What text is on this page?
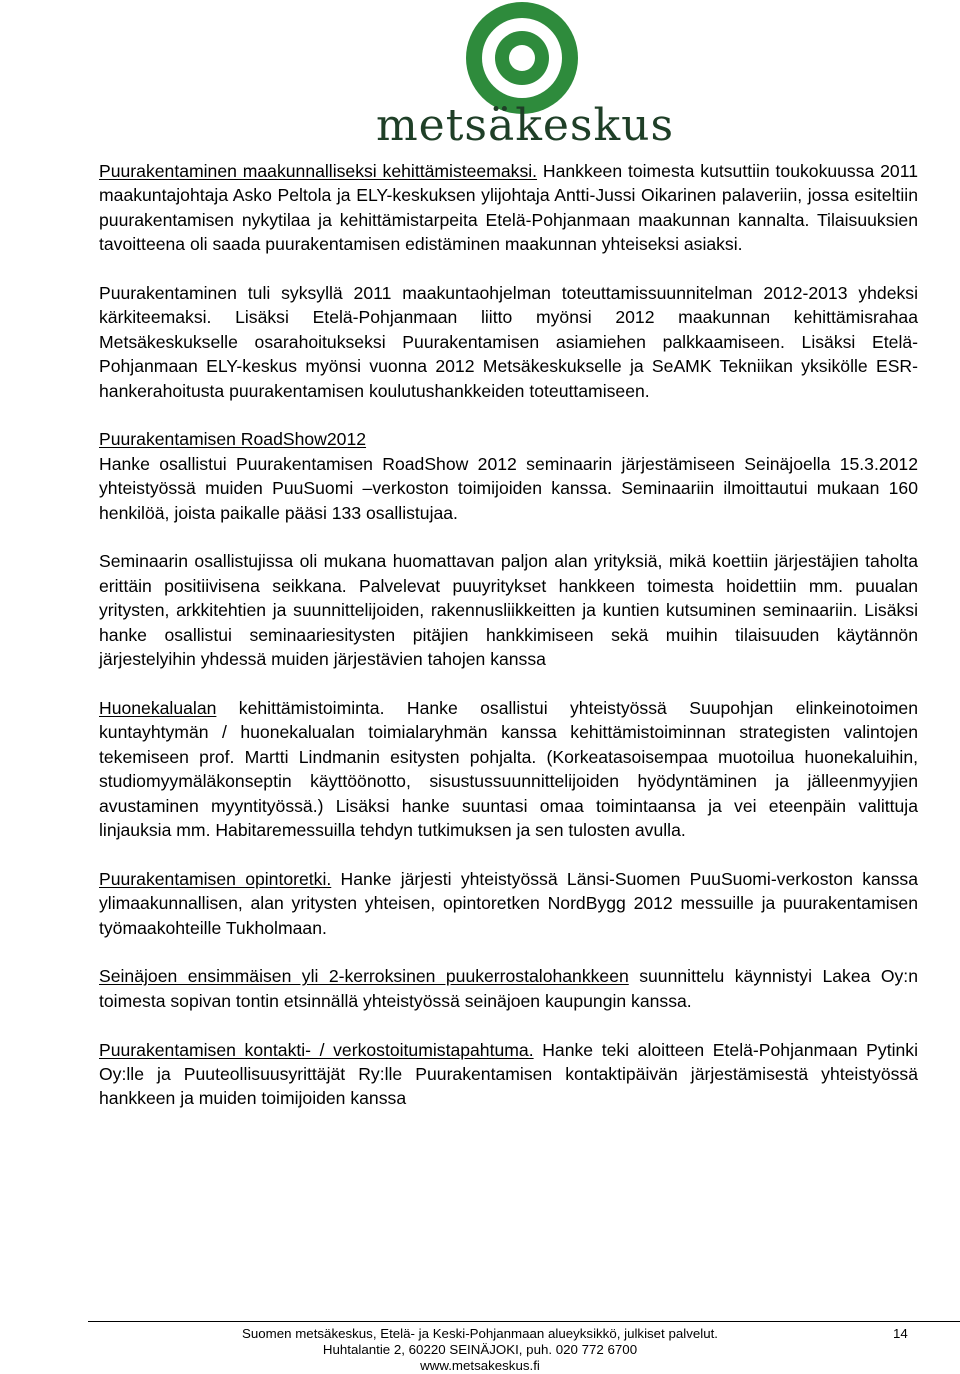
metsäkeskus

Puurakentaminen maakunnalliseksi kehittämisteemaksi. Hankkeen toimesta kutsuttiin toukokuussa 2011 maakuntajohtaja Asko Peltola ja ELY-keskuksen ylijohtaja Antti-Jussi Oikarinen palaveriin, jossa esiteltiin puurakentamisen nykytilaa ja kehittämistarpeita Etelä-Pohjanmaan maakunnan kannalta. Tilaisuuksien tavoitteena oli saada puurakentamisen edistäminen maakunnan yhteiseksi asiaksi.

Puurakentaminen tuli syksyllä 2011 maakuntaohjelman toteuttamissuunnitelman 2012-2013 yhdeksi kärkiteemaksi. Lisäksi Etelä-Pohjanmaan liitto myönsi 2012 maakunnan kehittämisrahaa Metsäkeskukselle osarahoitukseksi Puurakentamisen asiamiehen palkkaamiseen. Lisäksi Etelä-Pohjanmaan ELY-keskus myönsi vuonna 2012 Metsäkeskukselle ja SeAMK Tekniikan yksikölle ESR-hankerahoitusta puurakentamisen koulutushankkeiden toteuttamiseen.

Puurakentamisen RoadShow2012
Hanke osallistui Puurakentamisen RoadShow 2012 seminaarin järjestämiseen Seinäjoella 15.3.2012 yhteistyössä muiden PuuSuomi –verkoston toimijoiden kanssa. Seminaariin ilmoittautui mukaan 160 henkilöä, joista paikalle pääsi 133 osallistujaa.

Seminaarin osallistujissa oli mukana huomattavan paljon alan yrityksiä, mikä koettiin järjestäjien taholta erittäin positiivisena seikkana. Palvelevat puuyritykset hankkeen toimesta hoidettiin mm. puualan yritysten, arkkitehtien ja suunnittelijoiden, rakennusliikkeitten ja kuntien kutsuminen seminaariin. Lisäksi hanke osallistui seminaariesitysten pitäjien hankkimiseen sekä muihin tilaisuuden käytännön järjestelyihin yhdessä muiden järjestävien tahojen kanssa

Huonekalualan kehittämistoiminta. Hanke osallistui yhteistyössä Suupohjan elinkeinotoimen kuntayhtymän / huonekalualan toimialaryhmän kanssa kehittämistoiminnan strategisten valintojen tekemiseen prof. Martti Lindmanin esitysten pohjalta. (Korkeatasoisempaa muotoilua huonekaluihin, studiomyymäläkonseptin käyttöönotto, sisustussuunnittelijoiden hyödyntäminen ja jälleenmyyjien avustaminen myyntityössä.) Lisäksi hanke suuntasi omaa toimintaansa ja vei eteenpäin valittuja linjauksia mm. Habitaremessuilla tehdyn tutkimuksen ja sen tulosten avulla.

Puurakentamisen opintoretki. Hanke järjesti yhteistyössä Länsi-Suomen PuuSuomi-verkoston kanssa ylimaakunnallisen, alan yritysten yhteisen, opintoretken NordBygg 2012 messuille ja puurakentamisen työmaakohteille Tukholmaan.

Seinäjoen ensimmäisen yli 2-kerroksinen puukerrostalohankkeen suunnittelu käynnistyi Lakea Oy:n toimesta sopivan tontin etsinnällä yhteistyössä seinäjoen kaupungin kanssa.

Puurakentamisen kontakti- / verkostoitumistapahtuma. Hanke teki aloitteen Etelä-Pohjanmaan Pytinki Oy:lle ja Puuteollisuusyrittäjät Ry:lle Puurakentamisen kontaktipäivän järjestämisestä yhteistyössä hankkeen ja muiden toimijoiden kanssa

Suomen metsäkeskus, Etelä- ja Keski-Pohjanmaan alueyksikkö, julkiset palvelut.
Huhtalantie 2, 60220 SEINÄJOKI, puh. 020 772 6700
www.metsakeskus.fi
14
